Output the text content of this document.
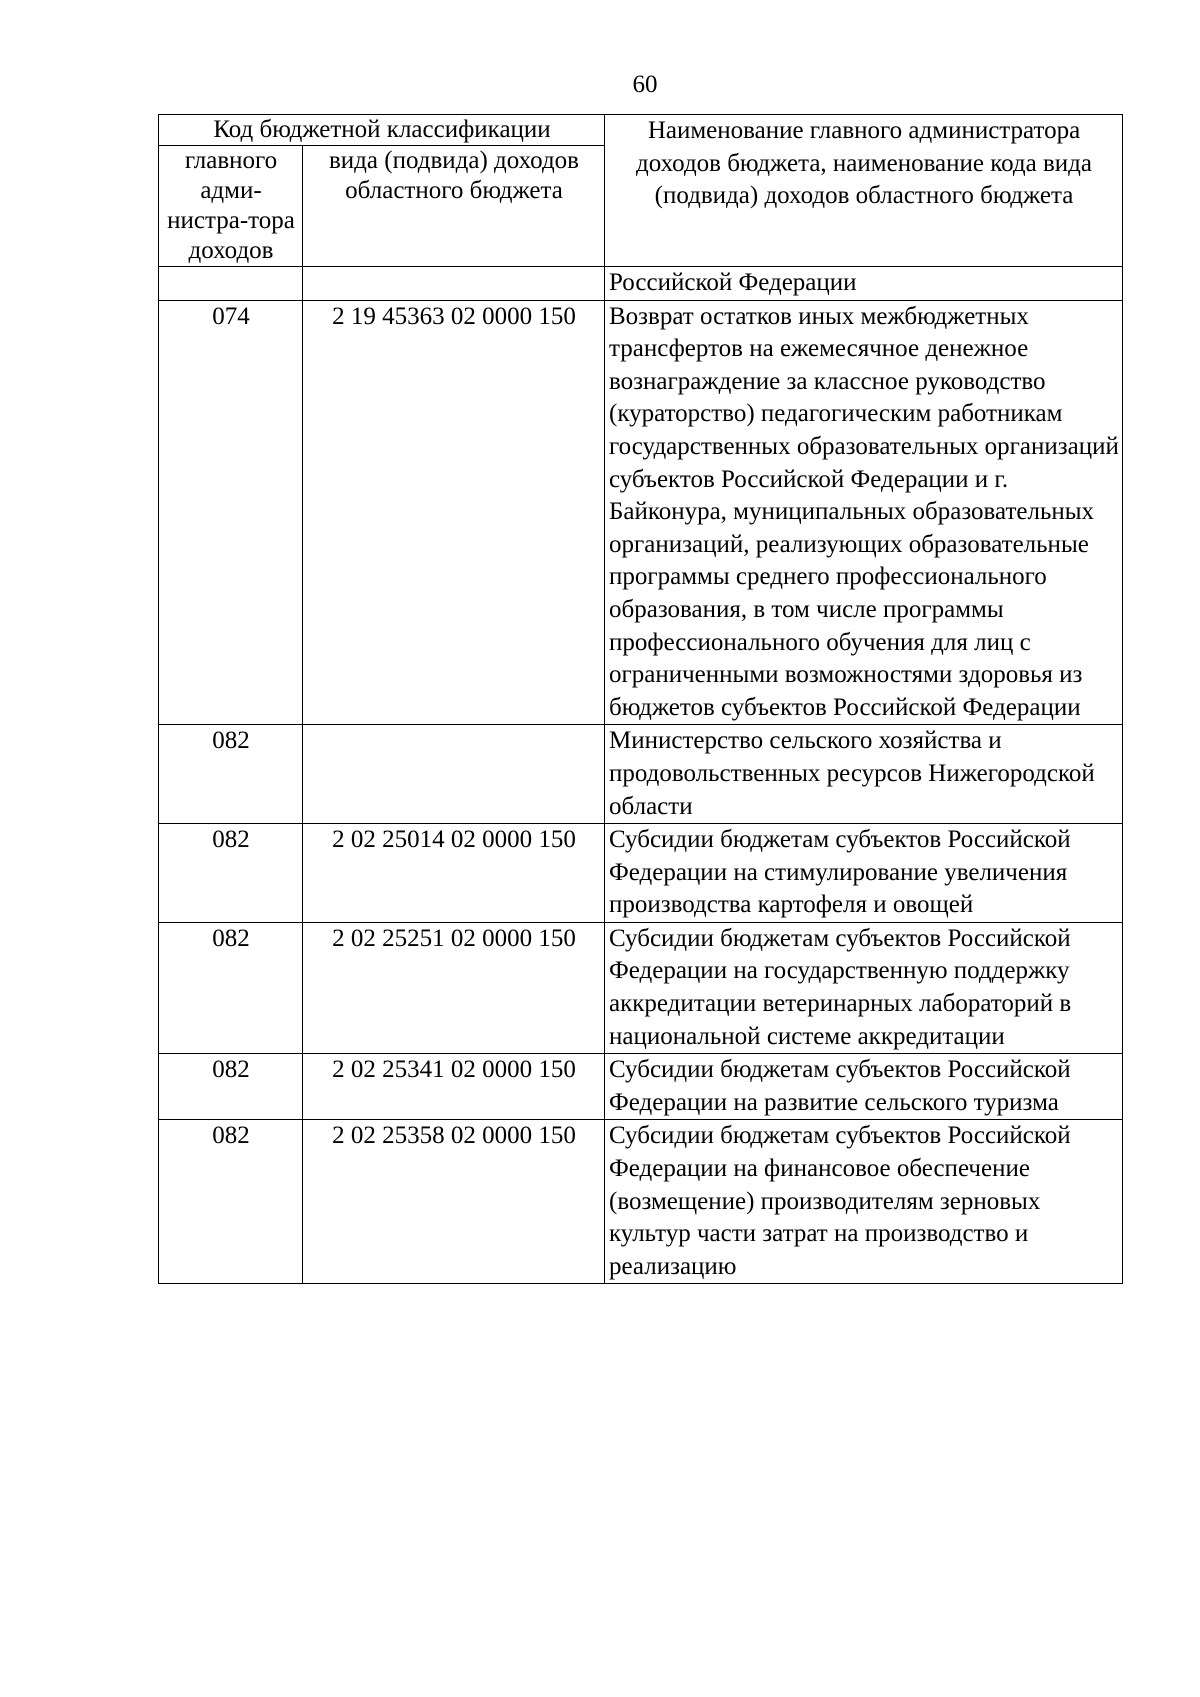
60
Код бюджетной классификации		Наименование главного администратора доходов бюджета, наименование кода вида (подвида) доходов областного бюджета
главного адми-нистра-тора доходов	вида (подвида) доходов областного бюджета	
		Российской Федерации
074	2 19 45363 02 0000 150	Возврат остатков иных межбюджетных трансфертов на ежемесячное денежное вознаграждение за классное руководство (кураторство) педагогическим работникам государственных образовательных организаций субъектов Российской Федерации и г. Байконура, муниципальных образовательных организаций, реализующих образовательные программы среднего профессионального образования, в том числе программы профессионального обучения для лиц с ограниченными возможностями здоровья из бюджетов субъектов Российской Федерации
082		Министерство сельского хозяйства и продовольственных ресурсов Нижегородской области
082	2 02 25014 02 0000 150	Субсидии бюджетам субъектов Российской Федерации на стимулирование увеличения производства картофеля и овощей
082	2 02 25251 02 0000 150	Субсидии бюджетам субъектов Российской Федерации на государственную поддержку аккредитации ветеринарных лабораторий в национальной системе аккредитации
082	2 02 25341 02 0000 150	Субсидии бюджетам субъектов Российской Федерации на развитие сельского туризма
082	2 02 25358 02 0000 150	Субсидии бюджетам субъектов Российской Федерации на финансовое обеспечение (возмещение) производителям зерновых культур части затрат на производство и реализацию
